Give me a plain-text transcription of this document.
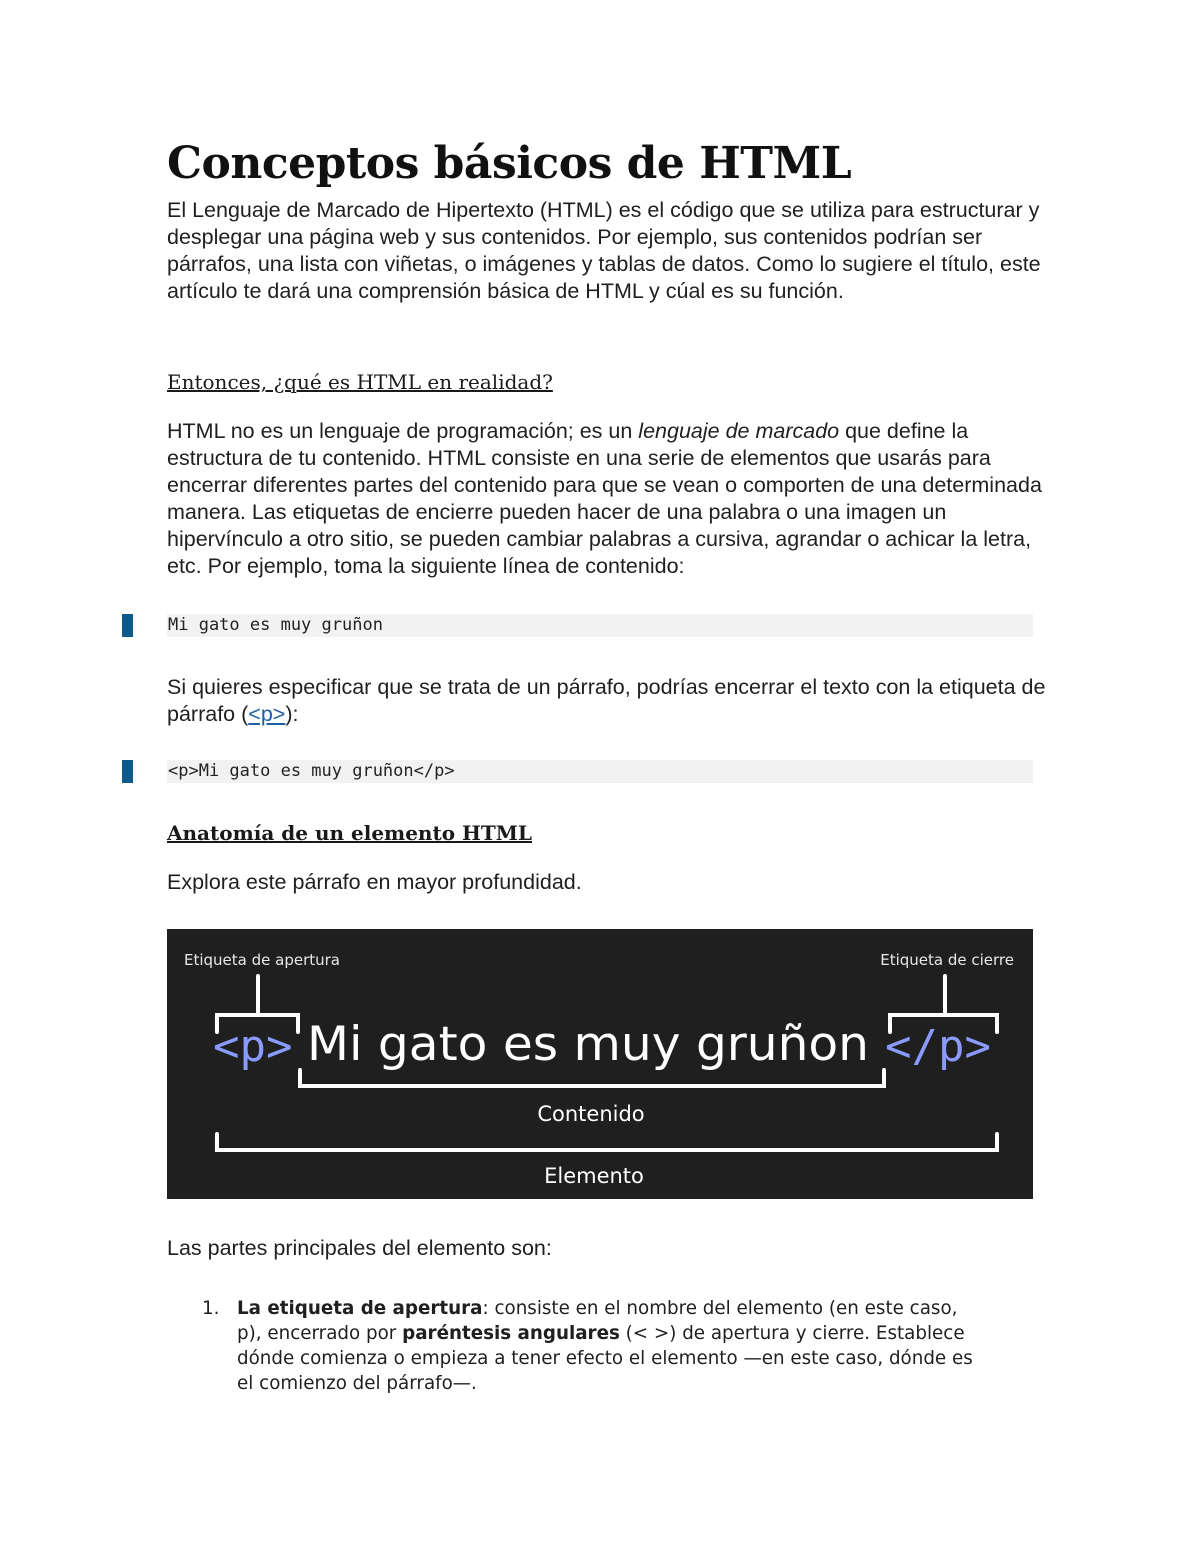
Conceptos básicos de HTML

El Lenguaje de Marcado de Hipertexto (HTML) es el código que se utiliza para estructurar y desplegar una página web y sus contenidos. Por ejemplo, sus contenidos podrían ser párrafos, una lista con viñetas, o imágenes y tablas de datos. Como lo sugiere el título, este artículo te dará una comprensión básica de HTML y cúal es su función.

Entonces, ¿qué es HTML en realidad?

HTML no es un lenguaje de programación; es un lenguaje de marcado que define la estructura de tu contenido. HTML consiste en una serie de elementos que usarás para encerrar diferentes partes del contenido para que se vean o comporten de una determinada manera. Las etiquetas de encierre pueden hacer de una palabra o una imagen un hipervínculo a otro sitio, se pueden cambiar palabras a cursiva, agrandar o achicar la letra, etc. Por ejemplo, toma la siguiente línea de contenido:

Mi gato es muy gruñon

Si quieres especificar que se trata de un párrafo, podrías encerrar el texto con la etiqueta de párrafo (<p>):

<p>Mi gato es muy gruñon</p>

Anatomía de un elemento HTML

Explora este párrafo en mayor profundidad.

Etiqueta de apertura	Etiqueta de cierre
<p> Mi gato es muy gruñon </p>
Contenido
Elemento

Las partes principales del elemento son:

1. La etiqueta de apertura: consiste en el nombre del elemento (en este caso, p), encerrado por paréntesis angulares (< >) de apertura y cierre. Establece dónde comienza o empieza a tener efecto el elemento —en este caso, dónde es el comienzo del párrafo—.
